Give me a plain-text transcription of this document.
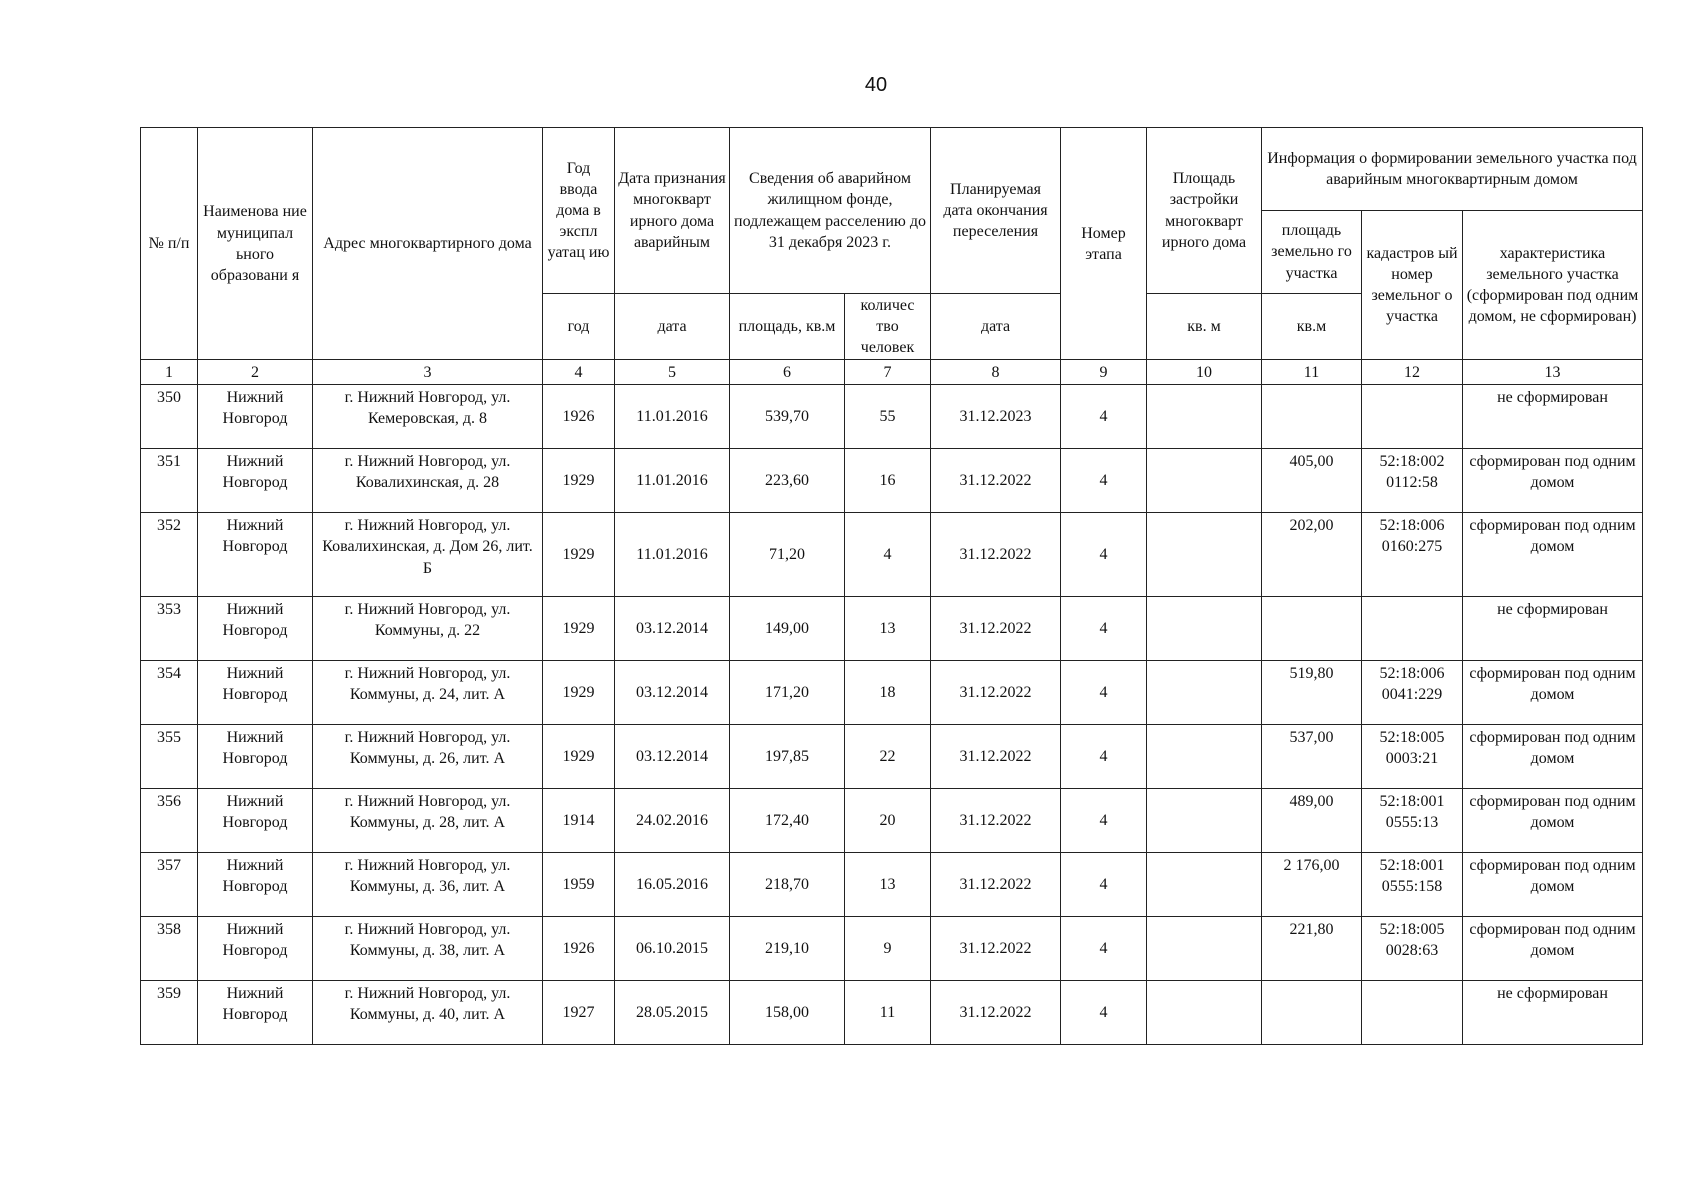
40
№ п/п	Наименова ние муниципал ьного образовани я	Адрес многоквартирного дома	Год ввода дома в экспл уатац ию	Дата признания многокварт ирного дома аварийным	Сведения об аварийном жилищном фонде, подлежащем расселению до 31 декабря 2023 г.		Планируемая дата окончания переселения	Номер этапа	Площадь застройки многокварт ирного дома	Информация о формировании земельного участка под аварийным многоквартирным домом		
										площадь земельно го участка	кадастров ый номер земельног о участка	характеристика земельного участка (сформирован под одним домом, не сформирован)
			год	дата	площадь, кв.м	количес тво человек	дата		кв. м	кв.м		
1	2	3	4	5	6	7	8	9	10	11	12	13
350	Нижний Новгород	г. Нижний Новгород, ул. Кемеровская, д. 8	1926	11.01.2016	539,70	55	31.12.2023	4				не сформирован
351	Нижний Новгород	г. Нижний Новгород, ул. Ковалихинская, д. 28	1929	11.01.2016	223,60	16	31.12.2022	4		405,00	52:18:002 0112:58	сформирован под одним домом
352	Нижний Новгород	г. Нижний Новгород, ул. Ковалихинская, д. Дом 26, лит. Б	1929	11.01.2016	71,20	4	31.12.2022	4		202,00	52:18:006 0160:275	сформирован под одним домом
353	Нижний Новгород	г. Нижний Новгород, ул. Коммуны, д. 22	1929	03.12.2014	149,00	13	31.12.2022	4				не сформирован
354	Нижний Новгород	г. Нижний Новгород, ул. Коммуны, д. 24, лит. А	1929	03.12.2014	171,20	18	31.12.2022	4		519,80	52:18:006 0041:229	сформирован под одним домом
355	Нижний Новгород	г. Нижний Новгород, ул. Коммуны, д. 26, лит. А	1929	03.12.2014	197,85	22	31.12.2022	4		537,00	52:18:005 0003:21	сформирован под одним домом
356	Нижний Новгород	г. Нижний Новгород, ул. Коммуны, д. 28, лит. А	1914	24.02.2016	172,40	20	31.12.2022	4		489,00	52:18:001 0555:13	сформирован под одним домом
357	Нижний Новгород	г. Нижний Новгород, ул. Коммуны, д. 36, лит. А	1959	16.05.2016	218,70	13	31.12.2022	4		2 176,00	52:18:001 0555:158	сформирован под одним домом
358	Нижний Новгород	г. Нижний Новгород, ул. Коммуны, д. 38, лит. А	1926	06.10.2015	219,10	9	31.12.2022	4		221,80	52:18:005 0028:63	сформирован под одним домом
359	Нижний Новгород	г. Нижний Новгород, ул. Коммуны, д. 40, лит. А	1927	28.05.2015	158,00	11	31.12.2022	4				не сформирован
